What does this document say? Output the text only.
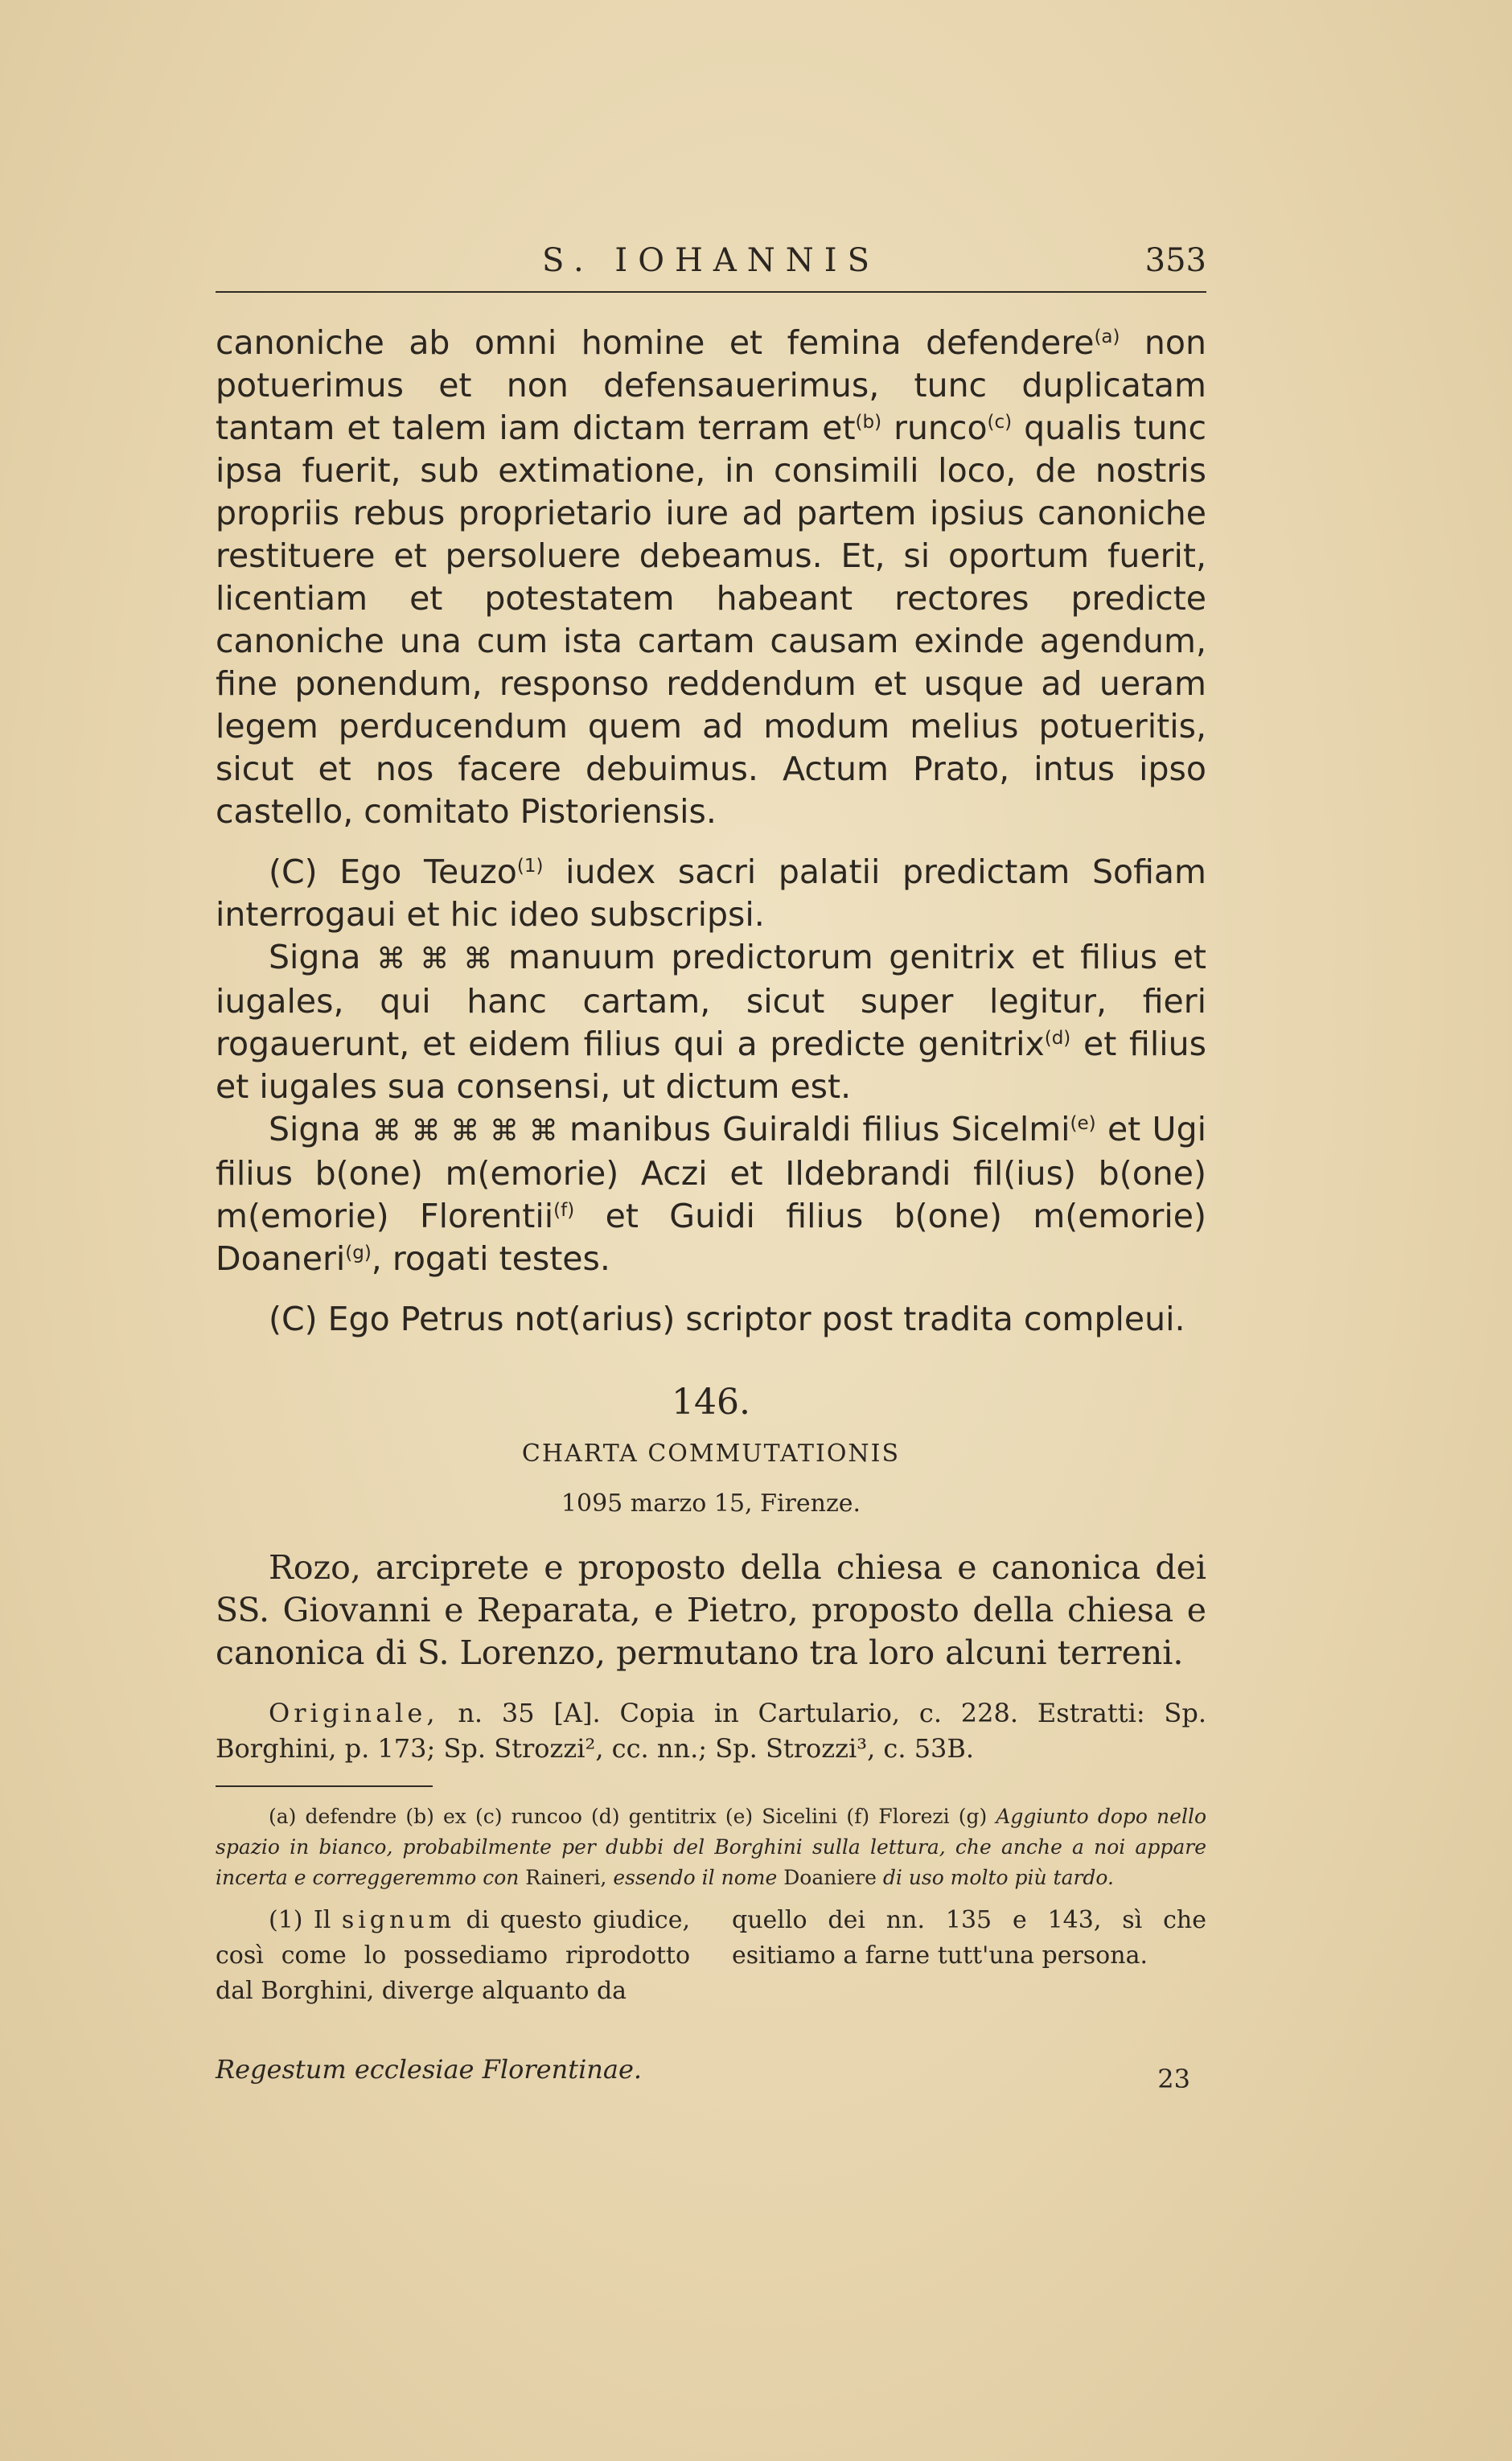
S. IOHANNIS	353

canoniche ab omni homine et femina defendere$^{(a)}$ non potuerimus et non defensauerimus, tunc duplicatam tantam et talem iam dictam terram $et^{(b)}$ runco$^{(c)}$ qualis tunc ipsa fuerit, sub extimatione, in consimili loco, de nostris propriis rebus proprietario iure ad partem ipsius canoniche restituere et persoluere debeamus. Et, si oportum fuerit, licentiam et potestatem habeant rectores predicte canoniche una cum ista cartam causam exinde agendum, fine ponendum, responso reddendum et usque ad ueram legem perducendum quem ad modum melius potueritis, sicut et nos facere debuimus. Actum Prato, intus ipso castello, comitato Pistoriensis.

(C) Ego Teuzo$^{(1)}$ iudex sacri palatii predictam Sofiam interrogaui et hic ideo subscripsi.

Signa ⌘ ⌘ ⌘ manuum predictorum genitrix et filius et iugales, qui hanc cartam, sicut super legitur, fieri rogauerunt, et eidem filius qui a predicte genitrix$^{(d)}$ et filius et iugales sua consensi, ut dictum est.

Signa ⌘ ⌘ ⌘ ⌘ ⌘ manibus Guiraldi filius Sicelmi$^{(e)}$ et Ugi filius b(one) m(emorie) Aczi et Ildebrandi fil(ius) b(one) m(emorie) Florentii$^{(f)}$ et Guidi filius b(one) m(emorie) Doaneri$^{(g)}$, rogati testes.

(C) Ego Petrus not(arius) scriptor post tradita compleui.

146.
CHARTA COMMUTATIONIS
1095 marzo 15, Firenze.
Rozo, arciprete e proposto della chiesa e canonica dei SS. Giovanni e Reparata, e Pietro, proposto della chiesa e canonica di S. Lorenzo, permutano tra loro alcuni terreni.
Originale, n. 35 [A]. Copia in Cartulario, c. 228. Estratti: Sp. Borghini, p. 173; Sp. Strozzi², cc. nn.; Sp. Strozzi³, c. 53B.
(a) defendre (b) ex (c) runcoo (d) gentitrix (e) Sicelini (f) Florezi (g) Aggiunto dopo nello spazio in bianco, probabilmente per dubbi del Borghini sulla lettura, che anche a noi appare incerta e correggeremmo con Raineri, essendo il nome Doaniere di uso molto più tardo.
(1) Il signum di questo giudice, così come lo possediamo riprodotto dal Borghini, diverge alquanto da
quello dei nn. 135 e 143, sì che esitiamo a farne tutt'una persona.
Regestum ecclesiae Florentinae.	23
